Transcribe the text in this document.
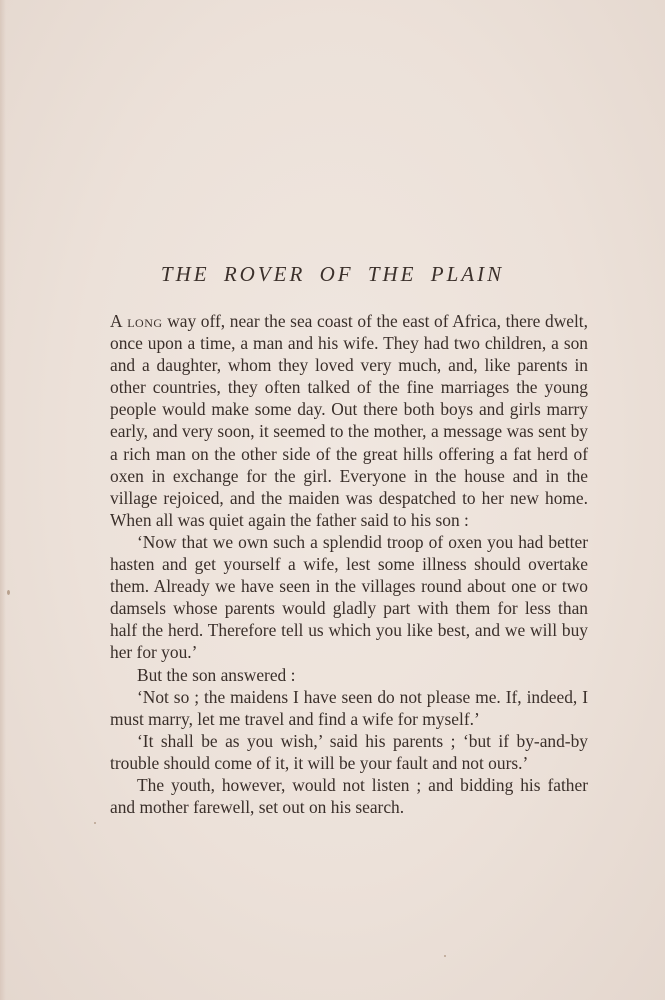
THE ROVER OF THE PLAIN

A long way off, near the sea coast of the east of Africa, there dwelt, once upon a time, a man and his wife. They had two children, a son and a daughter, whom they loved very much, and, like parents in other countries, they often talked of the fine marriages the young people would make some day. Out there both boys and girls marry early, and very soon, it seemed to the mother, a message was sent by a rich man on the other side of the great hills offering a fat herd of oxen in exchange for the girl. Everyone in the house and in the village rejoiced, and the maiden was despatched to her new home. When all was quiet again the father said to his son :

‘Now that we own such a splendid troop of oxen you had better hasten and get yourself a wife, lest some illness should overtake them. Already we have seen in the villages round about one or two damsels whose parents would gladly part with them for less than half the herd. Therefore tell us which you like best, and we will buy her for you.’

But the son answered :

‘Not so ; the maidens I have seen do not please me. If, indeed, I must marry, let me travel and find a wife for myself.’

‘It shall be as you wish,’ said his parents ; ‘but if by-and-by trouble should come of it, it will be your fault and not ours.’

The youth, however, would not listen ; and bidding his father and mother farewell, set out on his search.
